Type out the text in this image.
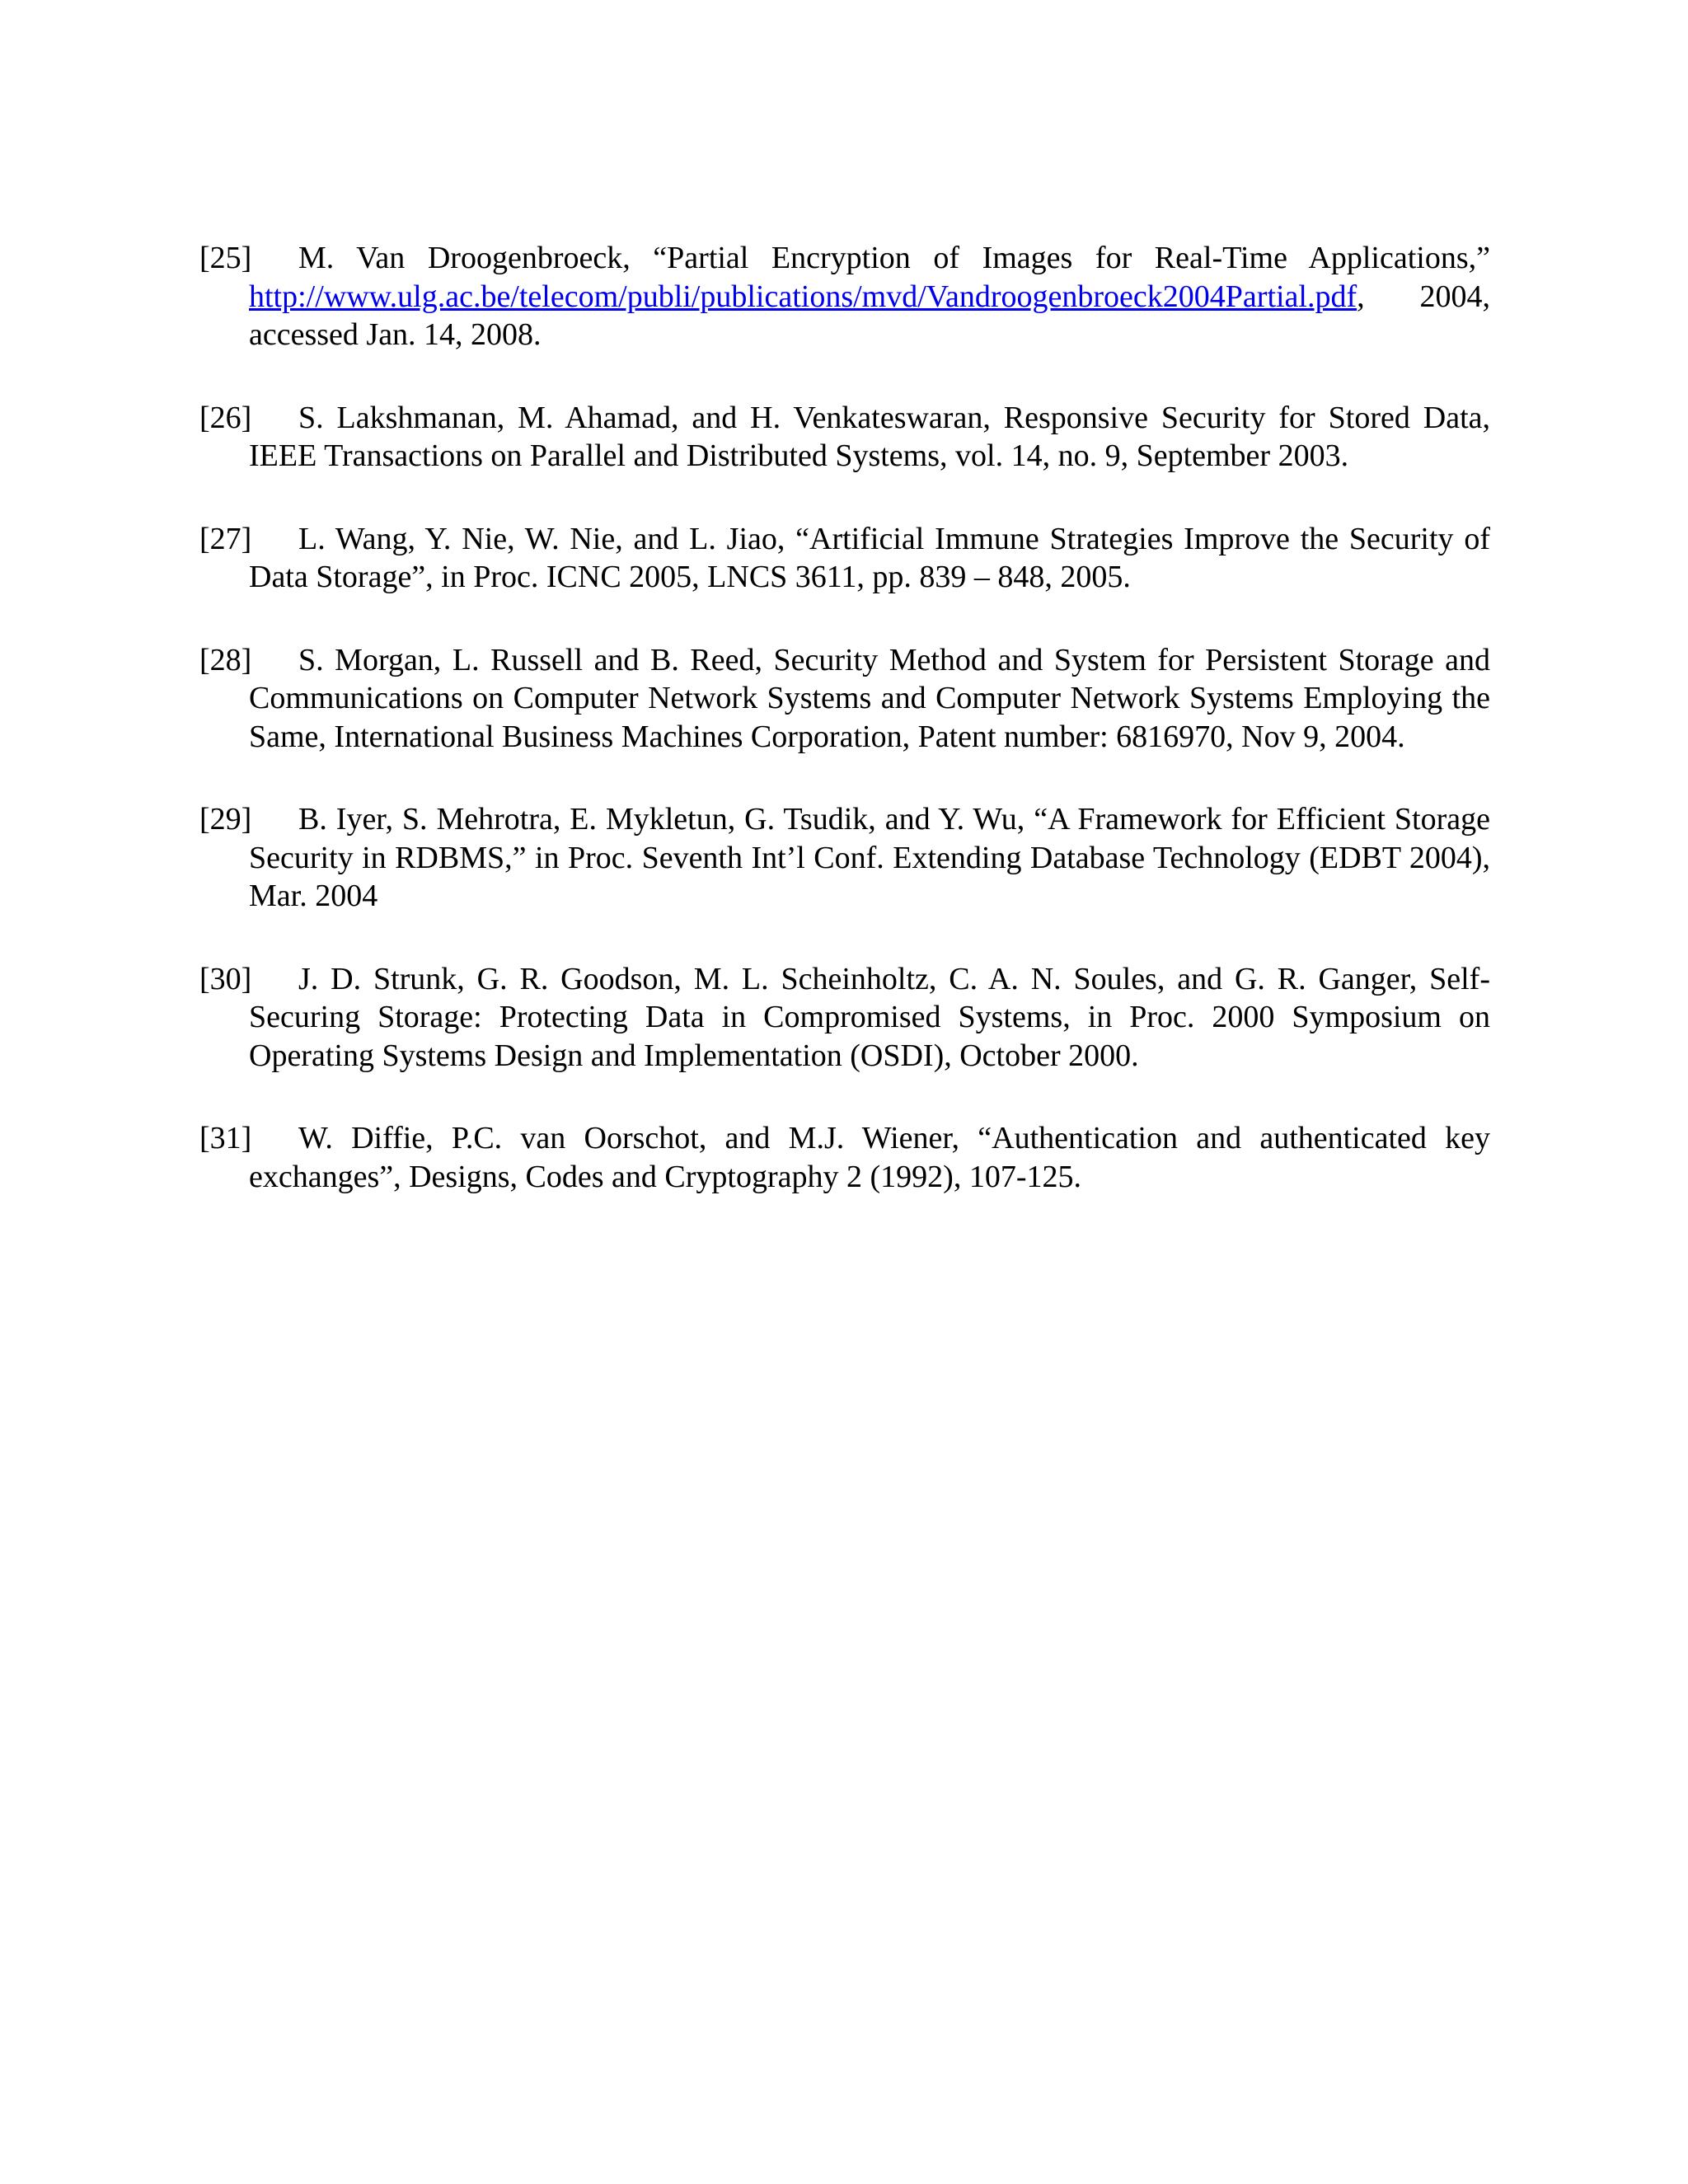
[25] M. Van Droogenbroeck, “Partial Encryption of Images for Real-Time Applications,” http://www.ulg.ac.be/telecom/publi/publications/mvd/Vandroogenbroeck2004Partial.pdf, 2004, accessed Jan. 14, 2008.
[26] S. Lakshmanan, M. Ahamad, and H. Venkateswaran, Responsive Security for Stored Data, IEEE Transactions on Parallel and Distributed Systems, vol. 14, no. 9, September 2003.
[27] L. Wang, Y. Nie, W. Nie, and L. Jiao, “Artificial Immune Strategies Improve the Security of Data Storage”, in Proc. ICNC 2005, LNCS 3611, pp. 839 – 848, 2005.
[28] S. Morgan, L. Russell and B. Reed, Security Method and System for Persistent Storage and Communications on Computer Network Systems and Computer Network Systems Employing the Same, International Business Machines Corporation, Patent number: 6816970, Nov 9, 2004.
[29] B. Iyer, S. Mehrotra, E. Mykletun, G. Tsudik, and Y. Wu, “A Framework for Efficient Storage Security in RDBMS,” in Proc. Seventh Int’l Conf. Extending Database Technology (EDBT 2004), Mar. 2004
[30] J. D. Strunk, G. R. Goodson, M. L. Scheinholtz, C. A. N. Soules, and G. R. Ganger, Self-Securing Storage: Protecting Data in Compromised Systems, in Proc. 2000 Symposium on Operating Systems Design and Implementation (OSDI), October 2000.
[31] W. Diffie, P.C. van Oorschot, and M.J. Wiener, “Authentication and authenticated key exchanges”, Designs, Codes and Cryptography 2 (1992), 107-125.
